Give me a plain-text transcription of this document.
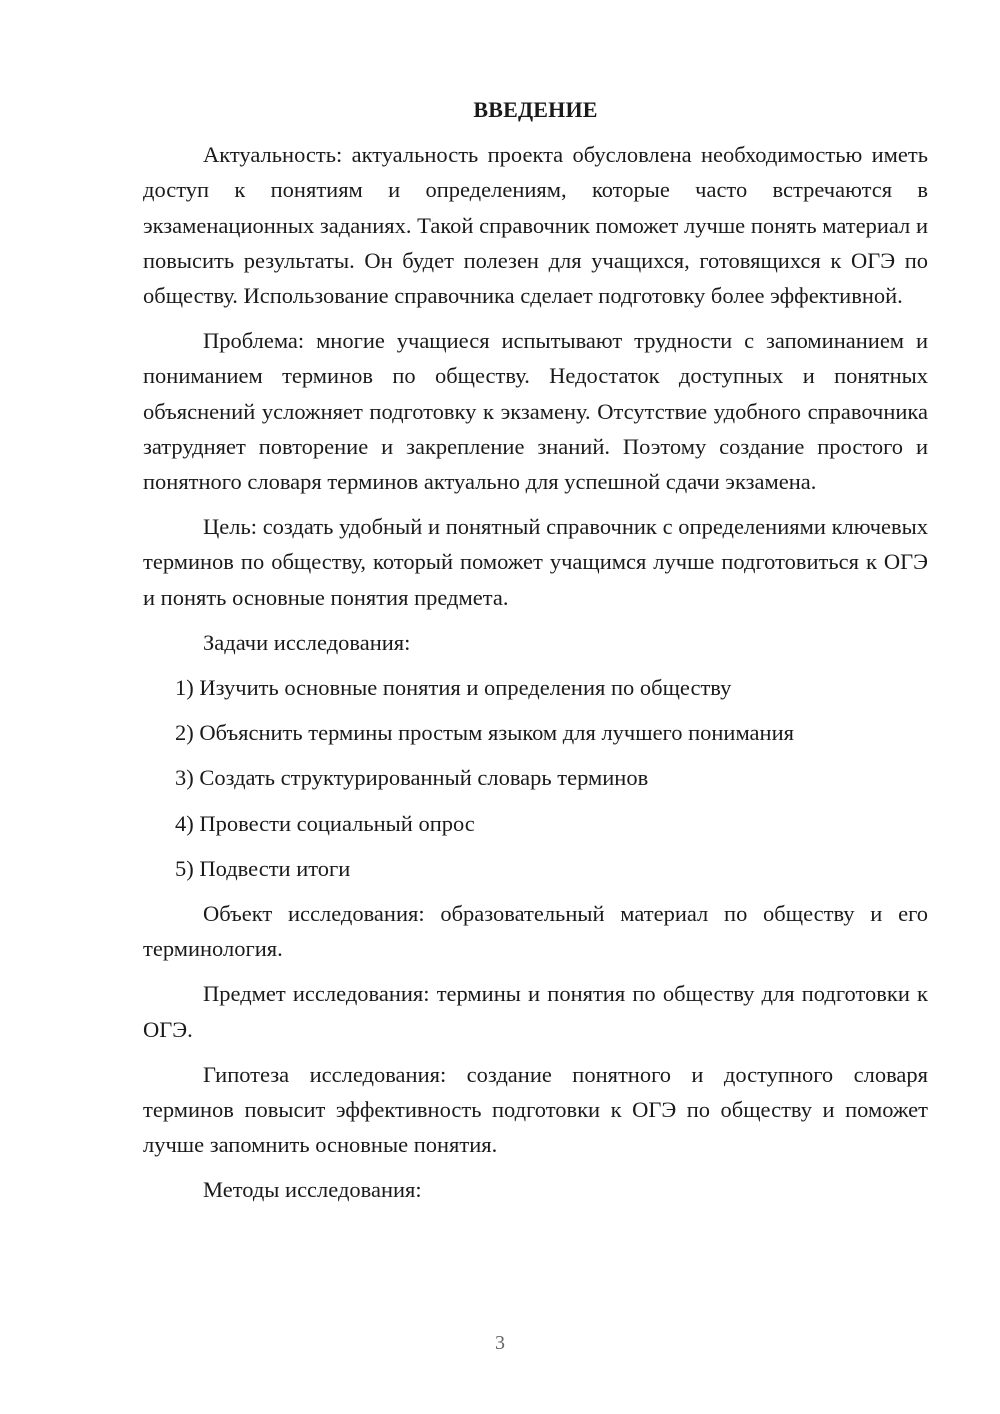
ВВЕДЕНИЕ

Актуальность: актуальность проекта обусловлена необходимостью иметь доступ к понятиям и определениям, которые часто встречаются в экзаменационных заданиях. Такой справочник поможет лучше понять материал и повысить результаты. Он будет полезен для учащихся, готовящихся к ОГЭ по обществу. Использование справочника сделает подготовку более эффективной.

Проблема: многие учащиеся испытывают трудности с запоминанием и пониманием терминов по обществу. Недостаток доступных и понятных объяснений усложняет подготовку к экзамену. Отсутствие удобного справочника затрудняет повторение и закрепление знаний. Поэтому создание простого и понятного словаря терминов актуально для успешной сдачи экзамена.

Цель: создать удобный и понятный справочник с определениями ключевых терминов по обществу, который поможет учащимся лучше подготовиться к ОГЭ и понять основные понятия предмета.

Задачи исследования:

1) Изучить основные понятия и определения по обществу
2) Объяснить термины простым языком для лучшего понимания
3) Создать структурированный словарь терминов
4) Провести социальный опрос
5) Подвести итоги

Объект исследования: образовательный материал по обществу и его терминология.

Предмет исследования: термины и понятия по обществу для подготовки к ОГЭ.

Гипотеза исследования: создание понятного и доступного словаря терминов повысит эффективность подготовки к ОГЭ по обществу и поможет лучше запомнить основные понятия.

Методы исследования:

3
